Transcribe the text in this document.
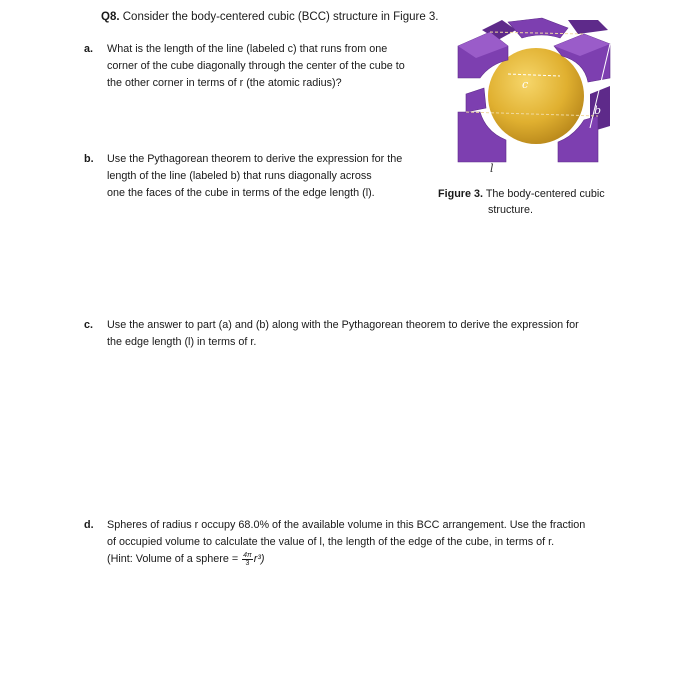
Q8. Consider the body-centered cubic (BCC) structure in Figure 3.
a. What is the length of the line (labeled c) that runs from one
corner of the cube diagonally through the center of the cube to
the other corner in terms of r (the atomic radius)?
b. Use the Pythagorean theorem to derive the expression for the
length of the line (labeled b) that runs diagonally across
one the faces of the cube in terms of the edge length (l).
c. Use the answer to part (a) and (b) along with the Pythagorean theorem to derive the expression for
the edge length (l) in terms of r.
d. Spheres of radius r occupy 68.0% of the available volume in this BCC arrangement. Use the fraction
of occupied volume to calculate the value of l, the length of the edge of the cube, in terms of r.
(Hint: Volume of a sphere = $\frac{4\pi}{3} r^3$)
c
b
l
Figure 3. The body-centered cubic
structure.
